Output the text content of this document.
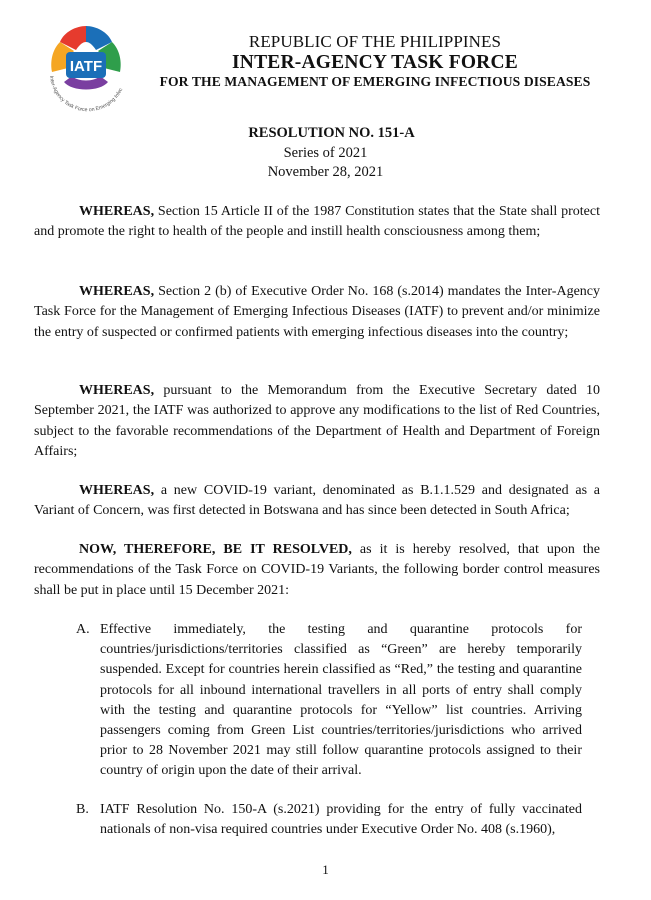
IATF
Inter-Agency Task Force on Emerging Infec
REPUBLIC OF THE PHILIPPINES
INTER-AGENCY TASK FORCE
FOR THE MANAGEMENT OF EMERGING INFECTIOUS DISEASES
RESOLUTION NO. 151-A
Series of 2021
November 28, 2021

WHEREAS, Section 15 Article II of the 1987 Constitution states that the State shall protect and promote the right to health of the people and instill health consciousness among them;

WHEREAS, Section 2 (b) of Executive Order No. 168 (s.2014) mandates the Inter-Agency Task Force for the Management of Emerging Infectious Diseases (IATF) to prevent and/or minimize the entry of suspected or confirmed patients with emerging infectious diseases into the country;

WHEREAS, pursuant to the Memorandum from the Executive Secretary dated 10 September 2021, the IATF was authorized to approve any modifications to the list of Red Countries, subject to the favorable recommendations of the Department of Health and Department of Foreign Affairs;

WHEREAS, a new COVID-19 variant, denominated as B.1.1.529 and designated as a Variant of Concern, was first detected in Botswana and has since been detected in South Africa;

NOW, THEREFORE, BE IT RESOLVED, as it is hereby resolved, that upon the recommendations of the Task Force on COVID-19 Variants, the following border control measures shall be put in place until 15 December 2021:

A. Effective immediately, the testing and quarantine protocols for countries/jurisdictions/territories classified as “Green” are hereby temporarily suspended. Except for countries herein classified as “Red,” the testing and quarantine protocols for all inbound international travellers in all ports of entry shall comply with the testing and quarantine protocols for “Yellow” list countries. Arriving passengers coming from Green List countries/territories/jurisdictions who arrived prior to 28 November 2021 may still follow quarantine protocols assigned to their country of origin upon the date of their arrival.
B. IATF Resolution No. 150-A (s.2021) providing for the entry of fully vaccinated nationals of non-visa required countries under Executive Order No. 408 (s.1960),
1
